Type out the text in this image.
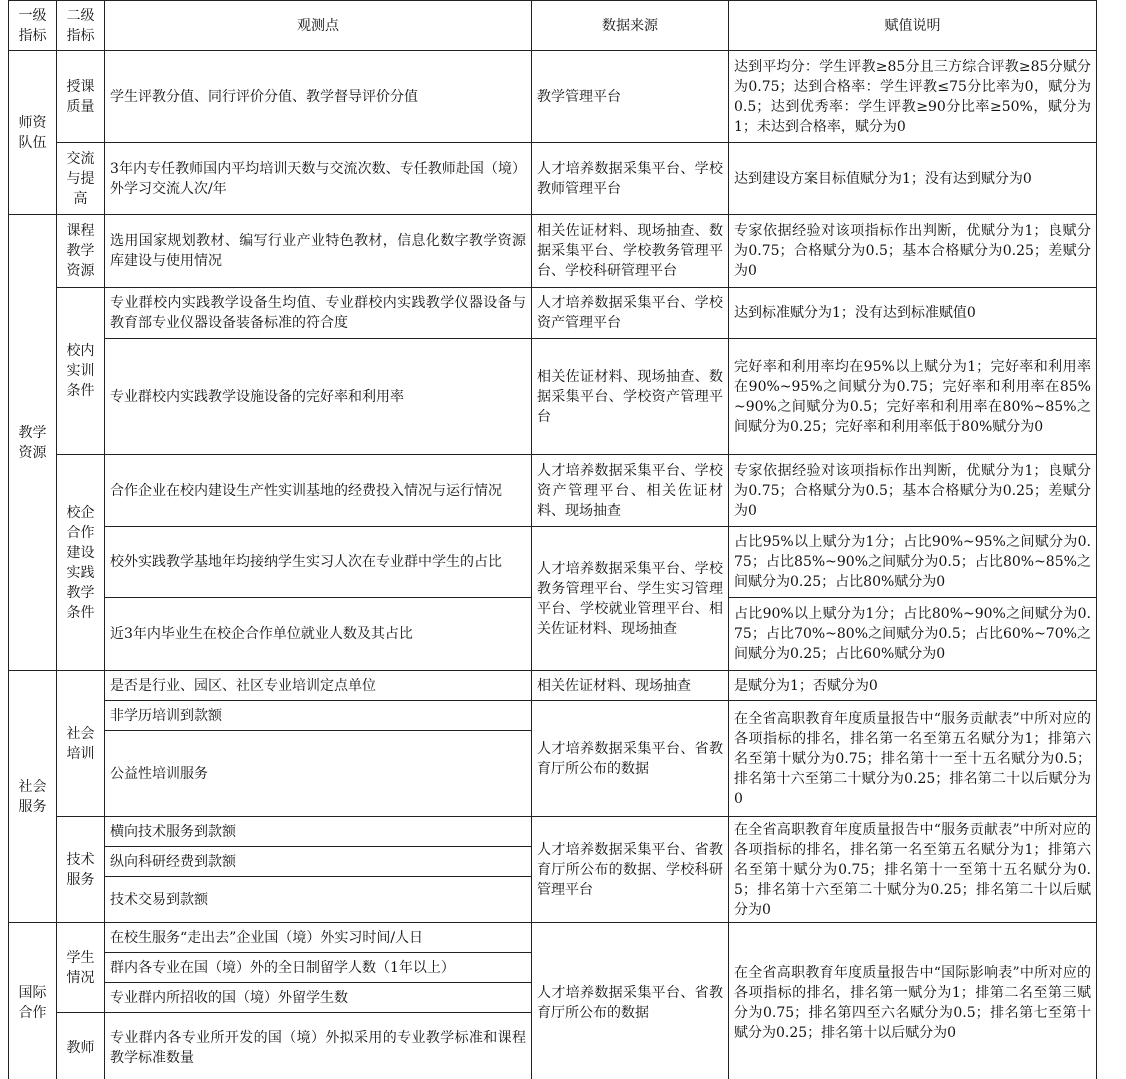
一级指标	二级指标	观测点	数据来源	赋值说明
师资队伍	授课质量	学生评教分值、同行评价分值、教学督导评价分值	教学管理平台	达到平均分：学生评教≥85分且三方综合评教≥85分赋分为0.75；达到合格率：学生评教≤75分比率为0，赋分为0.5；达到优秀率：学生评教≥90分比率≥50%，赋分为1；未达到合格率，赋分为0
	交流与提高	3年内专任教师国内平均培训天数与交流次数、专任教师赴国（境）外学习交流人次/年	人才培养数据采集平台、学校教师管理平台	达到建设方案目标值赋分为1；没有达到赋分为0
教学资源	课程教学资源	选用国家规划教材、编写行业产业特色教材，信息化数字教学资源库建设与使用情况	相关佐证材料、现场抽查、数据采集平台、学校教务管理平台、学校科研管理平台	专家依据经验对该项指标作出判断，优赋分为1；良赋分为0.75；合格赋分为0.5；基本合格赋分为0.25；差赋分为0
	校内实训条件	专业群校内实践教学设备生均值、专业群校内实践教学仪器设备与教育部专业仪器设备装备标准的符合度	人才培养数据采集平台、学校资产管理平台	达到标准赋分为1；没有达到标准赋值0
		专业群校内实践教学设施设备的完好率和利用率	相关佐证材料、现场抽查、数据采集平台、学校资产管理平台	完好率和利用率均在95%以上赋分为1；完好率和利用率在90%~95%之间赋分为0.75；完好率和利用率在85%~90%之间赋分为0.5；完好率和利用率在80%~85%之间赋分为0.25；完好率和利用率低于80%赋分为0
	校企合作建设实践教学条件	合作企业在校内建设生产性实训基地的经费投入情况与运行情况	人才培养数据采集平台、学校资产管理平台、相关佐证材料、现场抽查	专家依据经验对该项指标作出判断，优赋分为1；良赋分为0.75；合格赋分为0.5；基本合格赋分为0.25；差赋分为0
		校外实践教学基地年均接纳学生实习人次在专业群中学生的占比	人才培养数据采集平台、学校教务管理平台、学生实习管理平台、学校就业管理平台、相关佐证材料、现场抽查	占比95%以上赋分为1分；占比90%~95%之间赋分为0.75；占比85%~90%之间赋分为0.5；占比80%~85%之间赋分为0.25；占比80%赋分为0
		近3年内毕业生在校企合作单位就业人数及其占比		占比90%以上赋分为1分；占比80%~90%之间赋分为0.75；占比70%~80%之间赋分为0.5；占比60%~70%之间赋分为0.25；占比60%赋分为0
社会服务	社会培训	是否是行业、园区、社区专业培训定点单位	相关佐证材料、现场抽查	是赋分为1；否赋分为0
		非学历培训到款额	人才培养数据采集平台、省教育厅所公布的数据	在全省高职教育年度质量报告中“服务贡献表”中所对应的各项指标的排名，排名第一名至第五名赋分为1；排第六名至第十赋分为0.75；排名第十一至十五名赋分为0.5；排名第十六至第二十赋分为0.25；排名第二十以后赋分为0
		公益性培训服务		
	技术服务	横向技术服务到款额	人才培养数据采集平台、省教育厅所公布的数据、学校科研管理平台	在全省高职教育年度质量报告中“服务贡献表”中所对应的各项指标的排名，排名第一名至第五名赋分为1；排第六名至第十赋分为0.75；排名第十一至第十五名赋分为0.5；排名第十六至第二十赋分为0.25；排名第二十以后赋分为0
		纵向科研经费到款额		
		技术交易到款额		
国际合作	学生情况	在校生服务“走出去”企业国（境）外实习时间/人日	人才培养数据采集平台、省教育厅所公布的数据	在全省高职教育年度质量报告中“国际影响表”中所对应的各项指标的排名，排名第一赋分为1；排第二名至第三赋分为0.75；排名第四至六名赋分为0.5；排名第七至第十赋分为0.25；排名第十以后赋分为0
		群内各专业在国（境）外的全日制留学人数（1年以上）		
		专业群内所招收的国（境）外留学生数		
	教师	专业群内各专业所开发的国（境）外拟采用的专业教学标准和课程教学标准数量		
